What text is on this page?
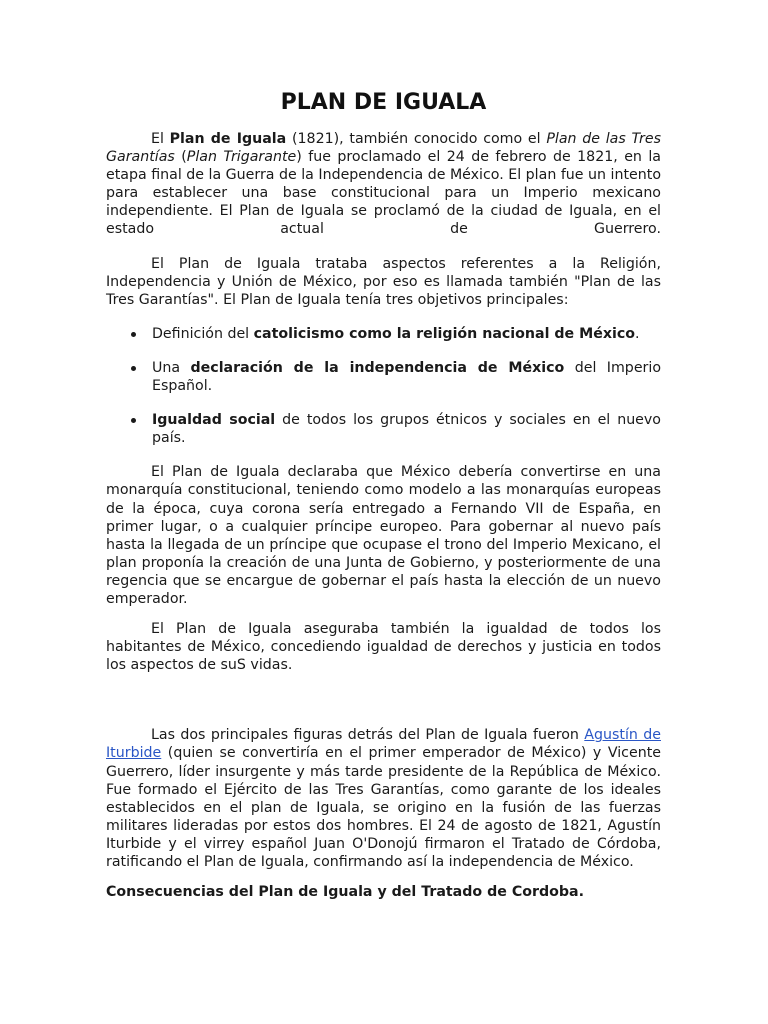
PLAN DE IGUALA

El Plan de Iguala (1821), también conocido como el Plan de las Tres Garantías (Plan Trigarante) fue proclamado el 24 de febrero de 1821, en la etapa final de la Guerra de la Independencia de México. El plan fue un intento para establecer una base constitucional para un Imperio mexicano independiente. El Plan de Iguala se proclamó de la ciudad de Iguala, en el estado actual de Guerrero.

El Plan de Iguala trataba aspectos referentes a la Religión, Independencia y Unión de México, por eso es llamada también "Plan de las Tres Garantías". El Plan de Iguala tenía tres objetivos principales:

Definición del catolicismo como la religión nacional de México.
Una declaración de la independencia de México del Imperio Español.
Igualdad social de todos los grupos étnicos y sociales en el nuevo país.

El Plan de Iguala declaraba que México debería convertirse en una monarquía constitucional, teniendo como modelo a las monarquías europeas de la época, cuya corona sería entregado a Fernando VII de España, en primer lugar, o a cualquier príncipe europeo. Para gobernar al nuevo país hasta la llegada de un príncipe que ocupase el trono del Imperio Mexicano, el plan proponía la creación de una Junta de Gobierno, y posteriormente de una regencia que se encargue de gobernar el país hasta la elección de un nuevo emperador.

El Plan de Iguala aseguraba también la igualdad de todos los habitantes de México, concediendo igualdad de derechos y justicia en todos los aspectos de suS vidas.

Las dos principales figuras detrás del Plan de Iguala fueron Agustín de Iturbide (quien se convertiría en el primer emperador de México) y Vicente Guerrero, líder insurgente y más tarde presidente de la República de México. Fue formado el Ejército de las Tres Garantías, como garante de los ideales establecidos en el plan de Iguala, se origino en la fusión de las fuerzas militares lideradas por estos dos hombres. El 24 de agosto de 1821, Agustín Iturbide y el virrey español Juan O'Donojú firmaron el Tratado de Córdoba, ratificando el Plan de Iguala, confirmando así la independencia de México.

Consecuencias del Plan de Iguala y del Tratado de Cordoba.
